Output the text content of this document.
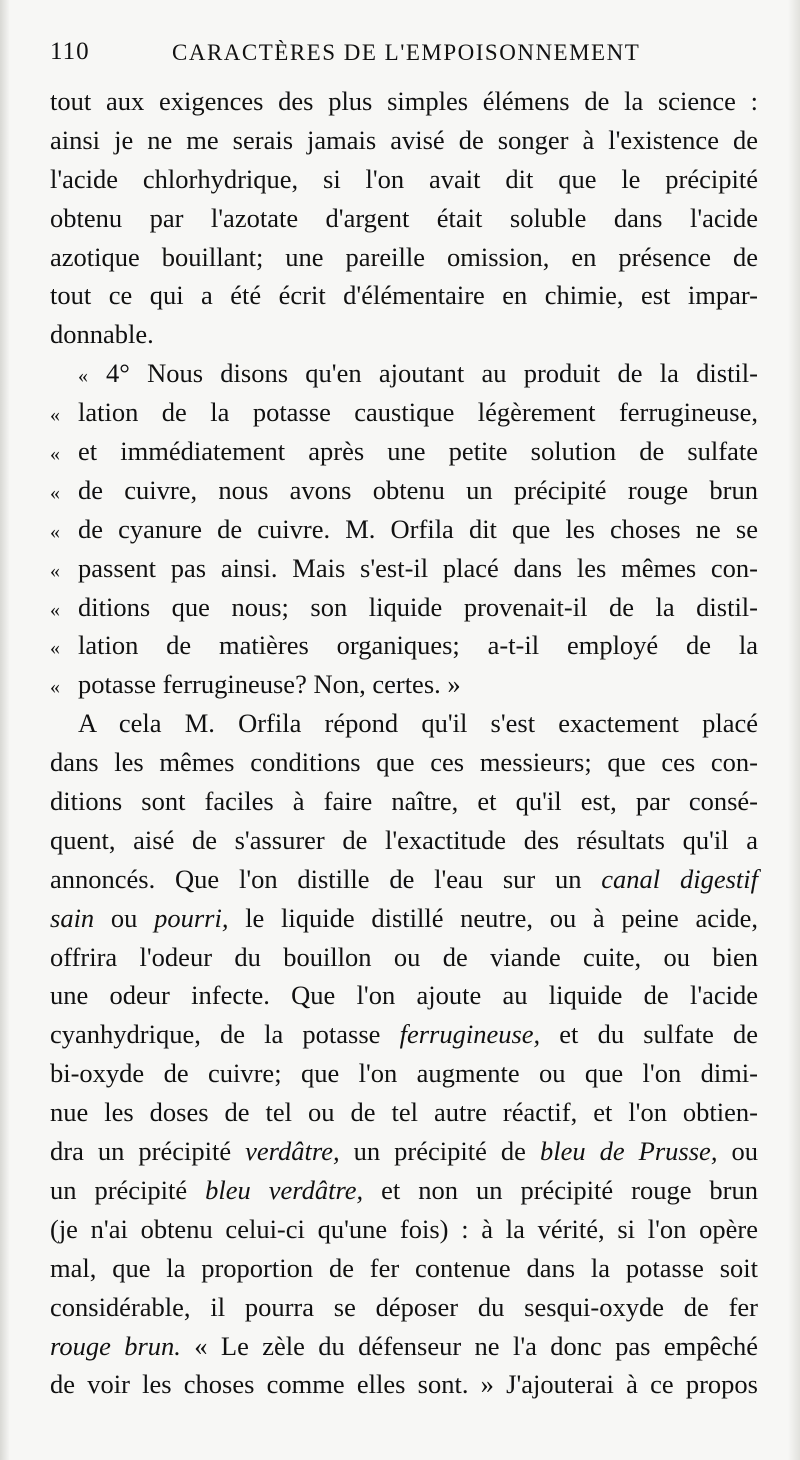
110	CARACTÈRES DE L'EMPOISONNEMENT
tout aux exigences des plus simples élémens de la science :
ainsi je ne me serais jamais avisé de songer à l'existence de
l'acide chlorhydrique, si l'on avait dit que le précipité
obtenu par l'azotate d'argent était soluble dans l'acide
azotique bouillant; une pareille omission, en présence de
tout ce qui a été écrit d'élémentaire en chimie, est impar-
donnable.
« 4° Nous disons qu'en ajoutant au produit de la distil-
« lation de la potasse caustique légèrement ferrugineuse,
« et immédiatement après une petite solution de sulfate
« de cuivre, nous avons obtenu un précipité rouge brun
« de cyanure de cuivre. M. Orfila dit que les choses ne se
« passent pas ainsi. Mais s'est-il placé dans les mêmes con-
« ditions que nous; son liquide provenait-il de la distil-
« lation de matières organiques; a-t-il employé de la
« potasse ferrugineuse? Non, certes. »
A cela M. Orfila répond qu'il s'est exactement placé
dans les mêmes conditions que ces messieurs; que ces con-
ditions sont faciles à faire naître, et qu'il est, par consé-
quent, aisé de s'assurer de l'exactitude des résultats qu'il a
annoncés. Que l'on distille de l'eau sur un canal digestif
sain ou pourri, le liquide distillé neutre, ou à peine acide,
offrira l'odeur du bouillon ou de viande cuite, ou bien
une odeur infecte. Que l'on ajoute au liquide de l'acide
cyanhydrique, de la potasse ferrugineuse, et du sulfate de
bi-oxyde de cuivre; que l'on augmente ou que l'on dimi-
nue les doses de tel ou de tel autre réactif, et l'on obtien-
dra un précipité verdâtre, un précipité de bleu de Prusse, ou
un précipité bleu verdâtre, et non un précipité rouge brun
(je n'ai obtenu celui-ci qu'une fois) : à la vérité, si l'on opère
mal, que la proportion de fer contenue dans la potasse soit
considérable, il pourra se déposer du sesqui-oxyde de fer
rouge brun. « Le zèle du défenseur ne l'a donc pas empêché
de voir les choses comme elles sont. » J'ajouterai à ce propos
